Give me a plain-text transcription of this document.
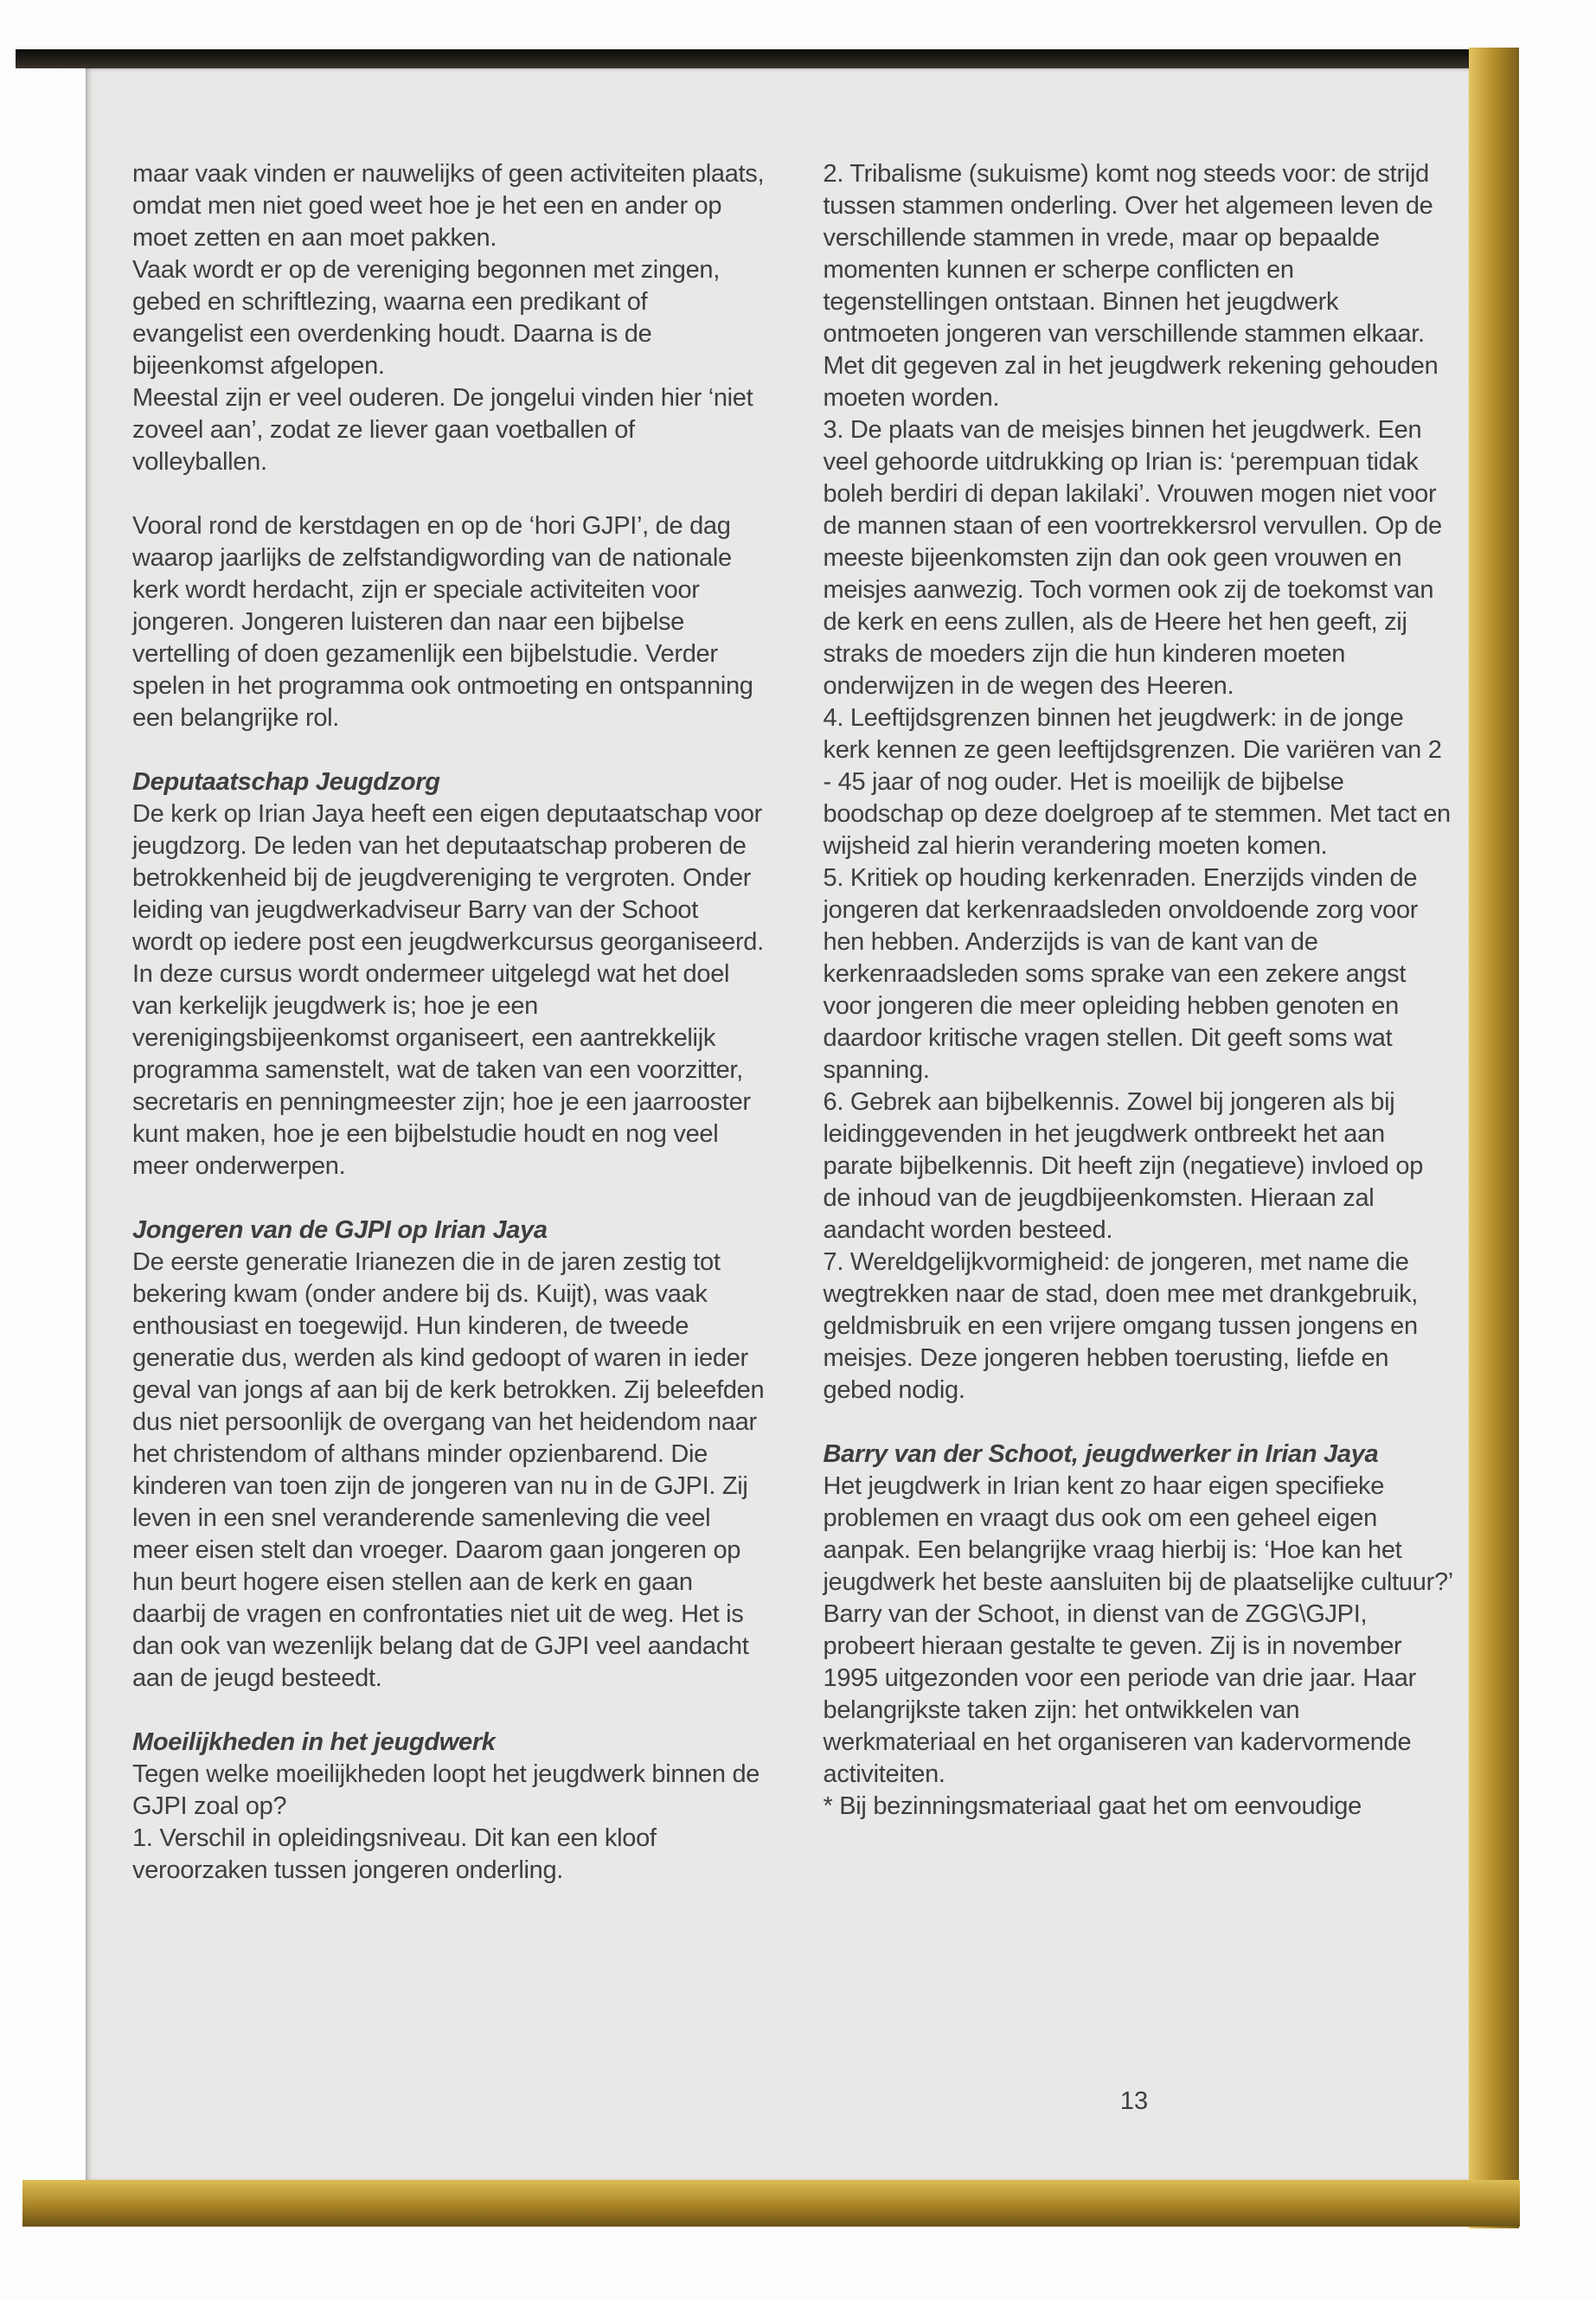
maar vaak vinden er nauwelijks of geen activiteiten plaats, omdat men niet goed weet hoe je het een en ander op moet zetten en aan moet pakken.

Vaak wordt er op de vereniging begonnen met zingen, gebed en schriftlezing, waarna een predikant of evangelist een overdenking houdt. Daarna is de bijeenkomst afgelopen.

Meestal zijn er veel ouderen. De jongelui vinden hier ‘niet zoveel aan’, zodat ze liever gaan voetballen of volleyballen.

Vooral rond de kerstdagen en op de ‘hori GJPI’, de dag waarop jaarlijks de zelfstandigwording van de nationale kerk wordt herdacht, zijn er speciale activiteiten voor jongeren. Jongeren luisteren dan naar een bijbelse vertelling of doen gezamenlijk een bijbelstudie. Verder spelen in het programma ook ontmoeting en ontspanning een belangrijke rol.

Deputaatschap Jeugdzorg

De kerk op Irian Jaya heeft een eigen deputaatschap voor jeugdzorg. De leden van het deputaatschap proberen de betrokkenheid bij de jeugdvereniging te vergroten. Onder leiding van jeugdwerkadviseur Barry van der Schoot wordt op iedere post een jeugdwerkcursus georganiseerd. In deze cursus wordt ondermeer uitgelegd wat het doel van kerkelijk jeugdwerk is; hoe je een verenigingsbijeenkomst organiseert, een aantrekkelijk programma samenstelt, wat de taken van een voorzitter, secretaris en penningmeester zijn; hoe je een jaarrooster kunt maken, hoe je een bijbelstudie houdt en nog veel meer onderwerpen.

Jongeren van de GJPI op Irian Jaya

De eerste generatie Irianezen die in de jaren zestig tot bekering kwam (onder andere bij ds. Kuijt), was vaak enthousiast en toegewijd. Hun kinderen, de tweede generatie dus, werden als kind gedoopt of waren in ieder geval van jongs af aan bij de kerk betrokken. Zij beleefden dus niet persoonlijk de overgang van het heidendom naar het christendom of althans minder opzienbarend. Die kinderen van toen zijn de jongeren van nu in de GJPI. Zij leven in een snel veranderende samenleving die veel meer eisen stelt dan vroeger. Daarom gaan jongeren op hun beurt hogere eisen stellen aan de kerk en gaan daarbij de vragen en confrontaties niet uit de weg. Het is dan ook van wezenlijk belang dat de GJPI veel aandacht aan de jeugd besteedt.

Moeilijkheden in het jeugdwerk

Tegen welke moeilijkheden loopt het jeugdwerk binnen de GJPI zoal op?

1. Verschil in opleidingsniveau. Dit kan een kloof veroorzaken tussen jongeren onderling.

2. Tribalisme (sukuisme) komt nog steeds voor: de strijd tussen stammen onderling. Over het algemeen leven de verschillende stammen in vrede, maar op bepaalde momenten kunnen er scherpe conflicten en tegenstellingen ontstaan. Binnen het jeugdwerk ontmoeten jongeren van verschillende stammen elkaar. Met dit gegeven zal in het jeugdwerk rekening gehouden moeten worden.

3. De plaats van de meisjes binnen het jeugdwerk. Een veel gehoorde uitdrukking op Irian is: ‘perempuan tidak boleh berdiri di depan lakilaki’. Vrouwen mogen niet voor de mannen staan of een voortrekkersrol vervullen. Op de meeste bijeenkomsten zijn dan ook geen vrouwen en meisjes aanwezig. Toch vormen ook zij de toekomst van de kerk en eens zullen, als de Heere het hen geeft, zij straks de moeders zijn die hun kinderen moeten onderwijzen in de wegen des Heeren.

4. Leeftijdsgrenzen binnen het jeugdwerk: in de jonge kerk kennen ze geen leeftijdsgrenzen. Die variëren van 2 - 45 jaar of nog ouder. Het is moeilijk de bijbelse boodschap op deze doelgroep af te stemmen. Met tact en wijsheid zal hierin verandering moeten komen.

5. Kritiek op houding kerkenraden. Enerzijds vinden de jongeren dat kerkenraadsleden onvoldoende zorg voor hen hebben. Anderzijds is van de kant van de kerkenraadsleden soms sprake van een zekere angst voor jongeren die meer opleiding hebben genoten en daardoor kritische vragen stellen. Dit geeft soms wat spanning.

6. Gebrek aan bijbelkennis. Zowel bij jongeren als bij leidinggevenden in het jeugdwerk ontbreekt het aan parate bijbelkennis. Dit heeft zijn (negatieve) invloed op de inhoud van de jeugdbijeenkomsten. Hieraan zal aandacht worden besteed.

7. Wereldgelijkvormigheid: de jongeren, met name die wegtrekken naar de stad, doen mee met drankgebruik, geldmisbruik en een vrijere omgang tussen jongens en meisjes. Deze jongeren hebben toerusting, liefde en gebed nodig.

Barry van der Schoot, jeugdwerker in Irian Jaya

Het jeugdwerk in Irian kent zo haar eigen specifieke problemen en vraagt dus ook om een geheel eigen aanpak. Een belangrijke vraag hierbij is: ‘Hoe kan het jeugdwerk het beste aansluiten bij de plaatselijke cultuur?’

Barry van der Schoot, in dienst van de ZGG\GJPI, probeert hieraan gestalte te geven. Zij is in november 1995 uitgezonden voor een periode van drie jaar. Haar belangrijkste taken zijn: het ontwikkelen van werkmateriaal en het organiseren van kadervormende activiteiten.

* Bij bezinningsmateriaal gaat het om eenvoudige

13
